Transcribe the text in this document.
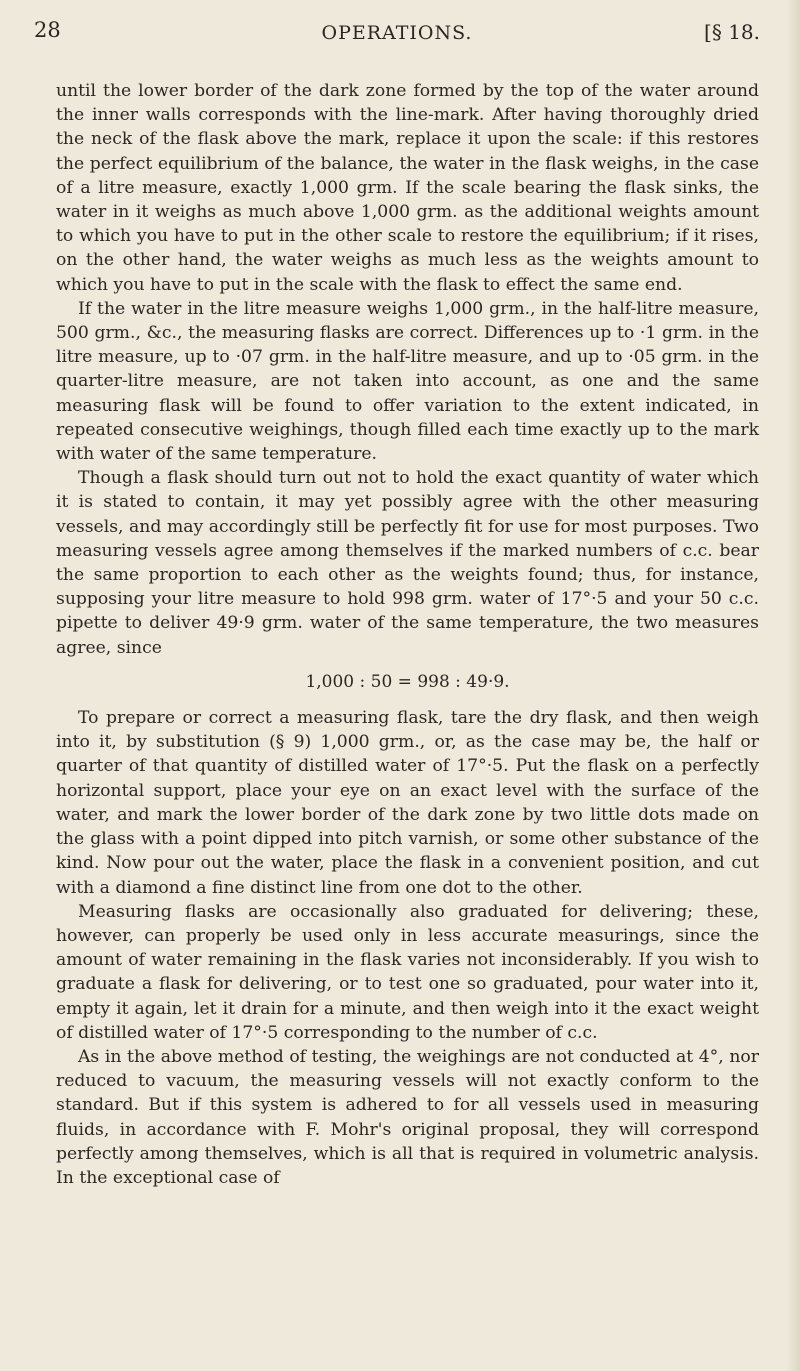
28	OPERATIONS.	[§ 18.

until the lower border of the dark zone formed by the top of the water around the inner walls corresponds with the line-mark. After having thoroughly dried the neck of the flask above the mark, replace it upon the scale: if this restores the perfect equilibrium of the balance, the water in the flask weighs, in the case of a litre measure, exactly 1,000 grm. If the scale bearing the flask sinks, the water in it weighs as much above 1,000 grm. as the additional weights amount to which you have to put in the other scale to restore the equilibrium; if it rises, on the other hand, the water weighs as much less as the weights amount to which you have to put in the scale with the flask to effect the same end.

If the water in the litre measure weighs 1,000 grm., in the half-litre measure, 500 grm., &c., the measuring flasks are correct. Differences up to ·1 grm. in the litre measure, up to ·07 grm. in the half-litre measure, and up to ·05 grm. in the quarter-litre measure, are not taken into account, as one and the same measuring flask will be found to offer variation to the extent indicated, in repeated consecutive weighings, though filled each time exactly up to the mark with water of the same temperature.

Though a flask should turn out not to hold the exact quantity of water which it is stated to contain, it may yet possibly agree with the other measuring vessels, and may accordingly still be perfectly fit for use for most purposes. Two measuring vessels agree among themselves if the marked numbers of c.c. bear the same proportion to each other as the weights found; thus, for instance, supposing your litre measure to hold 998 grm. water of 17°·5 and your 50 c.c. pipette to deliver 49·9 grm. water of the same temperature, the two measures agree, since

1,000 : 50 = 998 : 49·9.

To prepare or correct a measuring flask, tare the dry flask, and then weigh into it, by substitution (§ 9) 1,000 grm., or, as the case may be, the half or quarter of that quantity of distilled water of 17°·5. Put the flask on a perfectly horizontal support, place your eye on an exact level with the surface of the water, and mark the lower border of the dark zone by two little dots made on the glass with a point dipped into pitch varnish, or some other substance of the kind. Now pour out the water, place the flask in a convenient position, and cut with a diamond a fine distinct line from one dot to the other.

Measuring flasks are occasionally also graduated for delivering; these, however, can properly be used only in less accurate measurings, since the amount of water remaining in the flask varies not inconsiderably. If you wish to graduate a flask for delivering, or to test one so graduated, pour water into it, empty it again, let it drain for a minute, and then weigh into it the exact weight of distilled water of 17°·5 corresponding to the number of c.c.

As in the above method of testing, the weighings are not conducted at 4°, nor reduced to vacuum, the measuring vessels will not exactly conform to the standard. But if this system is adhered to for all vessels used in measuring fluids, in accordance with F. Mohr's original proposal, they will correspond perfectly among themselves, which is all that is required in volumetric analysis. In the exceptional case of
